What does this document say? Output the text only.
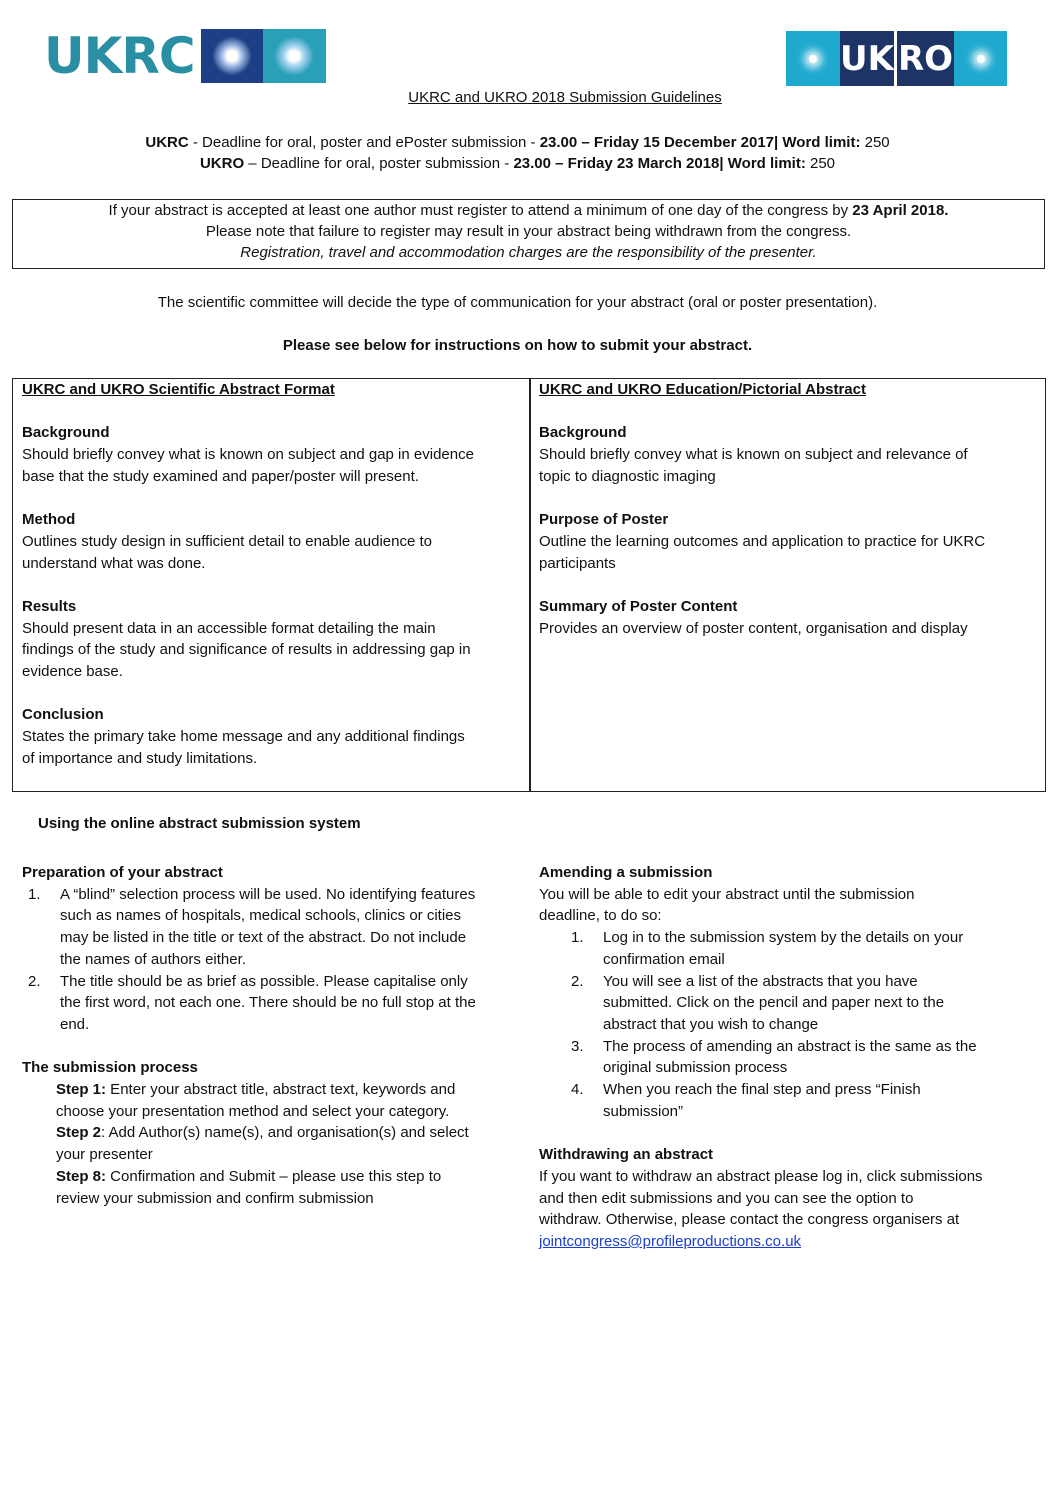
UKRC	UK RO
UKRC and UKRO 2018 Submission Guidelines
UKRC - Deadline for oral, poster and ePoster submission - 23.00 – Friday 15 December 2017| Word limit: 250
UKRO – Deadline for oral, poster submission - 23.00 – Friday 23 March 2018| Word limit: 250

If your abstract is accepted at least one author must register to attend a minimum of one day of the congress by 23 April 2018.

Please note that failure to register may result in your abstract being withdrawn from the congress.

Registration, travel and accommodation charges are the responsibility of the presenter.

The scientific committee will decide the type of communication for your abstract (oral or poster presentation).
Please see below for instructions on how to submit your abstract.
UKRC and UKRO Scientific Abstract Format
Background
Should briefly convey what is known on subject and gap in evidence
base that the study examined and paper/poster will present.
Method
Outlines study design in sufficient detail to enable audience to
understand what was done.
Results
Should present data in an accessible format detailing the main
findings of the study and significance of results in addressing gap in
evidence base.
Conclusion
States the primary take home message and any additional findings
of importance and study limitations.
UKRC and UKRO Education/Pictorial Abstract
Background
Should briefly convey what is known on subject and relevance of
topic to diagnostic imaging
Purpose of Poster
Outline the learning outcomes and application to practice for UKRC
participants
Summary of Poster Content
Provides an overview of poster content, organisation and display
Using the online abstract submission system
Preparation of your abstract
1. A “blind” selection process will be used. No identifying features
such as names of hospitals, medical schools, clinics or cities
may be listed in the title or text of the abstract. Do not include
the names of authors either.
2. The title should be as brief as possible. Please capitalise only
the first word, not each one. There should be no full stop at the
end.
The submission process
Step 1: Enter your abstract title, abstract text, keywords and
choose your presentation method and select your category.
Step 2: Add Author(s) name(s), and organisation(s) and select
your presenter
Step 8: Confirmation and Submit – please use this step to
review your submission and confirm submission
Amending a submission
You will be able to edit your abstract until the submission
deadline, to do so:
1. Log in to the submission system by the details on your
confirmation email
2. You will see a list of the abstracts that you have
submitted. Click on the pencil and paper next to the
abstract that you wish to change
3. The process of amending an abstract is the same as the
original submission process
4. When you reach the final step and press “Finish
submission”
Withdrawing an abstract
If you want to withdraw an abstract please log in, click submissions
and then edit submissions and you can see the option to
withdraw. Otherwise, please contact the congress organisers at
jointcongress@profileproductions.co.uk
